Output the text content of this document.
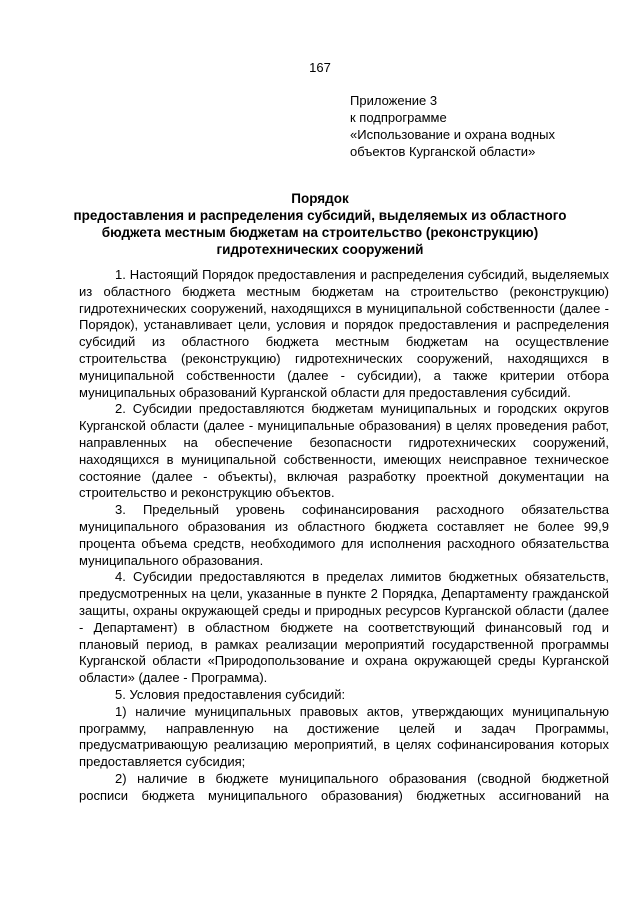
167
Приложение 3
к подпрограмме
«Использование и охрана водных
объектов Курганской области»
Порядок
предоставления и распределения субсидий, выделяемых из областного
бюджета местным бюджетам на строительство (реконструкцию)
гидротехнических сооружений

1. Настоящий Порядок предоставления и распределения субсидий, выделяемых из областного бюджета местным бюджетам на строительство (реконструкцию) гидротехнических сооружений, находящихся в муниципальной собственности (далее - Порядок), устанавливает цели, условия и порядок предоставления и распределения субсидий из областного бюджета местным бюджетам на осуществление строительства (реконструкцию) гидротехнических сооружений, находящихся в муниципальной собственности (далее - субсидии), а также критерии отбора муниципальных образований Курганской области для предоставления субсидий.

2. Субсидии предоставляются бюджетам муниципальных и городских округов Курганской области (далее - муниципальные образования) в целях проведения работ, направленных на обеспечение безопасности гидротехнических сооружений, находящихся в муниципальной собственности, имеющих неисправное техническое состояние (далее - объекты), включая разработку проектной документации на строительство и реконструкцию объектов.

3. Предельный уровень софинансирования расходного обязательства муниципального образования из областного бюджета составляет не более 99,9 процента объема средств, необходимого для исполнения расходного обязательства муниципального образования.

4. Субсидии предоставляются в пределах лимитов бюджетных обязательств, предусмотренных на цели, указанные в пункте 2 Порядка, Департаменту гражданской защиты, охраны окружающей среды и природных ресурсов Курганской области (далее - Департамент) в областном бюджете на соответствующий финансовый год и плановый период, в рамках реализации мероприятий государственной программы Курганской области «Природопользование и охрана окружающей среды Курганской области» (далее - Программа).

5. Условия предоставления субсидий:

1) наличие муниципальных правовых актов, утверждающих муниципальную программу, направленную на достижение целей и задач Программы, предусматривающую реализацию мероприятий, в целях софинансирования которых предоставляется субсидия;

2) наличие в бюджете муниципального образования (сводной бюджетной росписи бюджета муниципального образования) бюджетных ассигнований на
